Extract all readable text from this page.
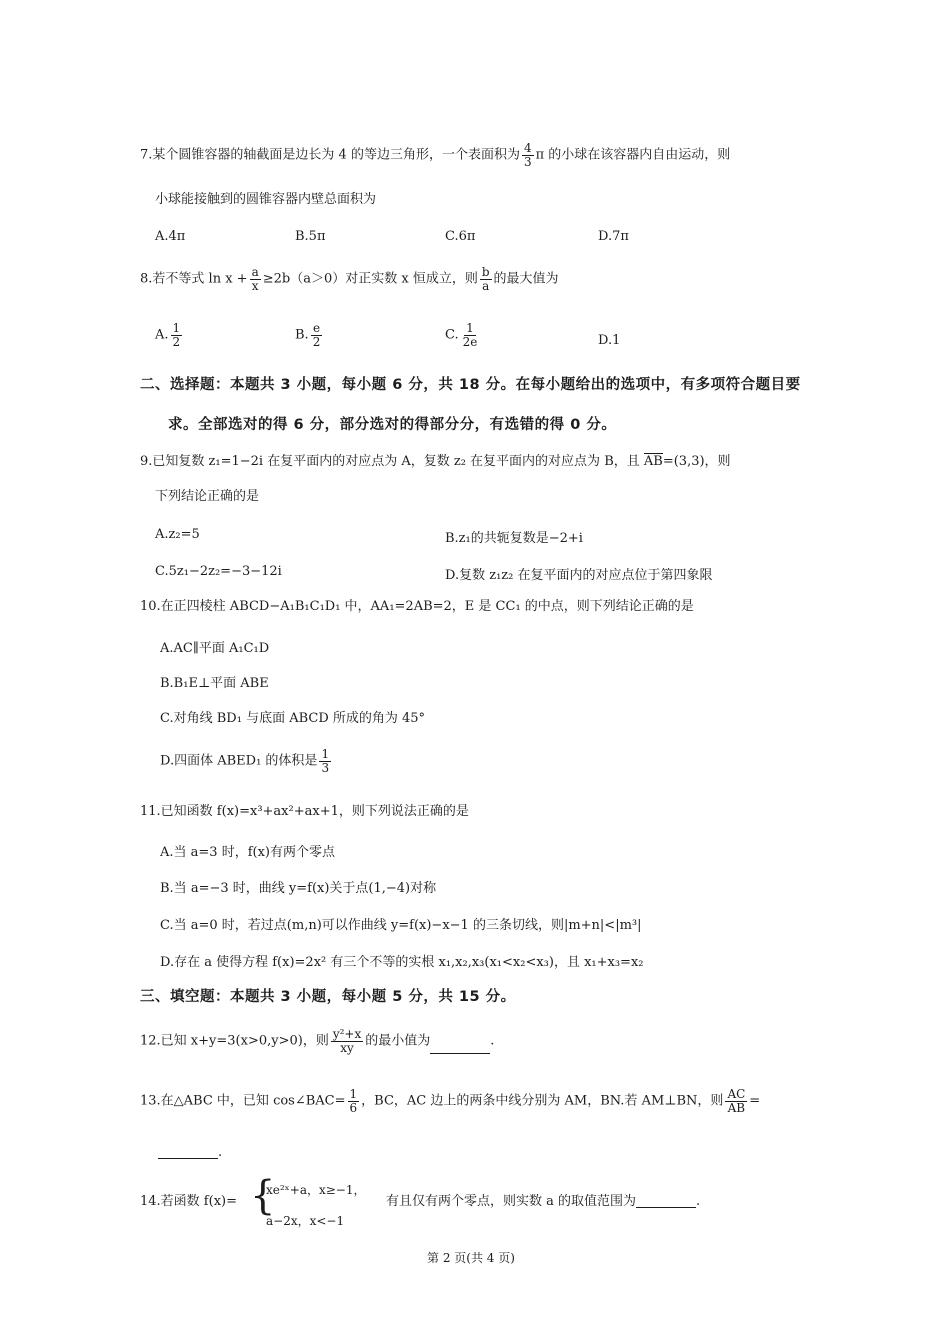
7.某个圆锥容器的轴截面是边长为 4 的等边三角形，一个表面积为 $\frac{4}{3}$ π 的小球在该容器内自由运动，则
小球能接触到的圆锥容器内壁总面积为
A.4π	B.5π	C.6π	D.7π
8.若不等式 $\ln x + \frac{a}{x} \ge 2b(a>0)$对正实数 x 恒成立，则 $\frac{b}{a}$ 的最大值为
A. $\frac{1}{2}$	B. $\frac{e}{2}$	C. $\frac{1}{2e}$	D.1
二、选择题：本题共 3 小题，每小题 6 分，共 18 分。在每小题给出的选项中，有多项符合题目要
求。全部选对的得 6 分，部分选对的得部分分，有选错的得 0 分。
9.已知复数 z₁=1−2i 在复平面内的对应点为 A，复数 z₂ 在复平面内的对应点为 B，且 AB=(3,3)，则
下列结论正确的是
A.z₂=5	B.z₁的共轭复数是−2+i
C.5z₁−2z₂=−3−12i	D.复数 z₁z₂ 在复平面内的对应点位于第四象限
10.在正四棱柱 ABCD−A₁B₁C₁D₁ 中，AA₁=2AB=2，E 是 CC₁ 的中点，则下列结论正确的是
A.AC∥平面 A₁C₁D
B.B₁E⊥平面 ABE
C.对角线 BD₁ 与底面 ABCD 所成的角为 45°
D.四面体 ABED₁ 的体积是 $\frac{1}{3}$
11.已知函数 f(x)=x³+ax²+ax+1，则下列说法正确的是
A.当 a=3 时，f(x)有两个零点
B.当 a=−3 时，曲线 y=f(x)关于点(1,−4)对称
C.当 a=0 时，若过点(m,n)可以作曲线 y=f(x)−x−1 的三条切线，则|m+n|<|m³|
D.存在 a 使得方程 f(x)=2x² 有三个不等的实根 x₁,x₂,x₃(x₁<x₂<x₃)，且 x₁+x₃=x₂
三、填空题：本题共 3 小题，每小题 5 分，共 15 分。
12.已知 x+y=3(x>0,y>0)，则 $\frac{\text{y²+x}}{xy}$ 的最小值为	.
13.在△ABC 中，已知 cos∠BAC= $\frac{1}{6}$ ，BC，AC 边上的两条中线分别为 AM，BN.若 AM⊥BN，则 $\frac{AC}{AB}$ =
.
14.若函数 f(x)= {
xe²ˣ+a，x≥−1，
a−2x，x<−1
有且仅有两个零点，则实数 a 的取值范围为	.
第 2 页(共 4 页)
